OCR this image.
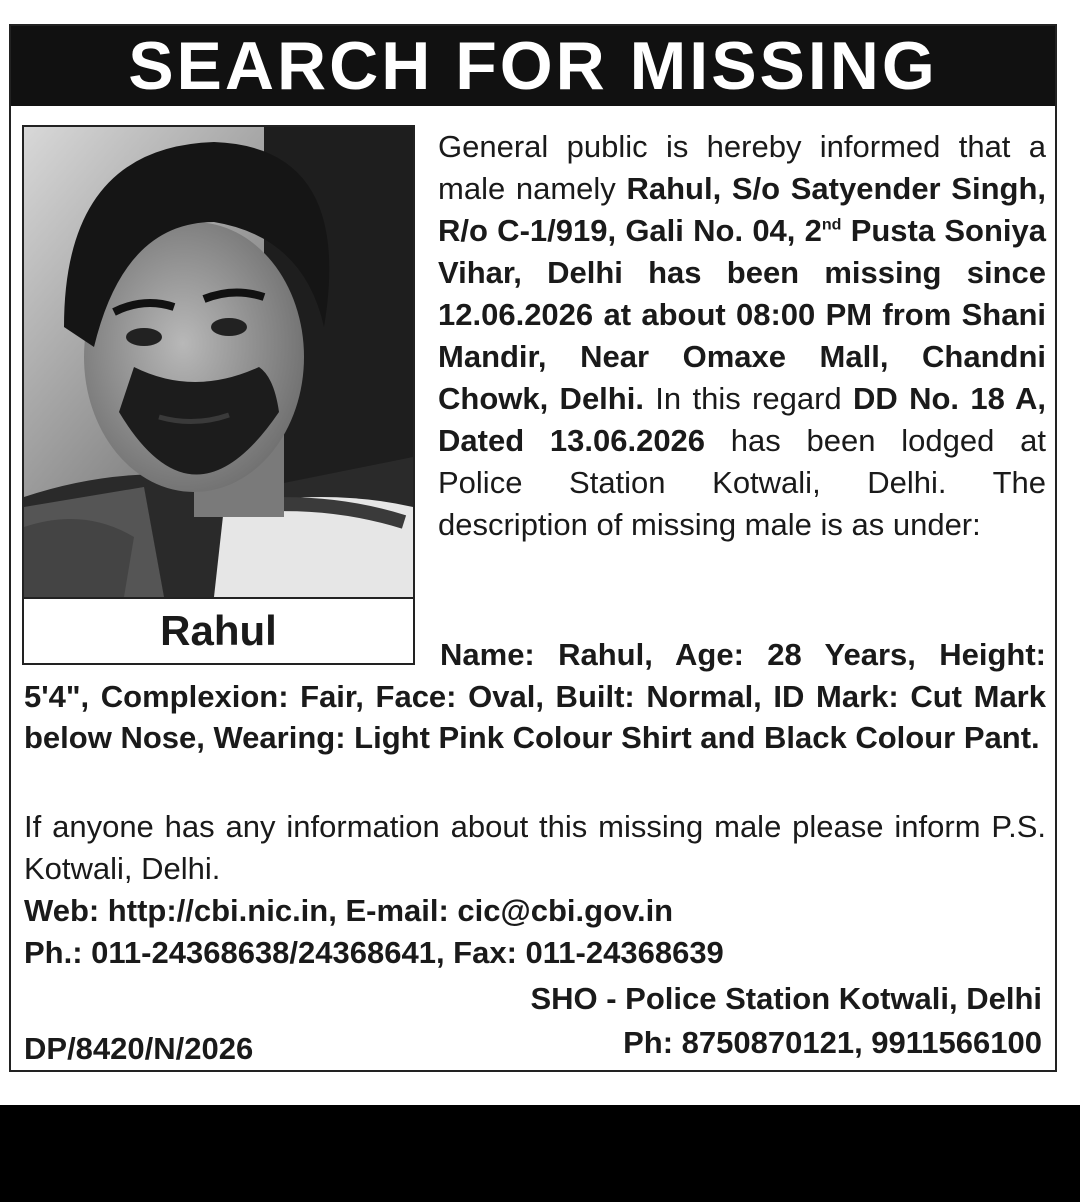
SEARCH FOR MISSING
Rahul

General public is hereby informed that a male namely Rahul, S/o Satyender Singh, R/o C-1/919, Gali No. 04, 2nd Pusta Soniya Vihar, Delhi has been missing since 12.06.2026 at about 08:00 PM from Shani Mandir, Near Omaxe Mall, Chandni Chowk, Delhi. In this regard DD No. 18 A, Dated 13.06.2026 has been lodged at Police Station Kotwali, Delhi. The description of missing male is as under:

Name: Rahul, Age: 28 Years, Height: 5'4", Complexion: Fair, Face: Oval, Built: Normal, ID Mark: Cut Mark below Nose, Wearing: Light Pink Colour Shirt and Black Colour Pant.

If anyone has any information about this missing male please inform P.S. Kotwali, Delhi.

Web: http://cbi.nic.in, E-mail: cic@cbi.gov.in
Ph.: 011-24368638/24368641, Fax: 011-24368639
SHO - Police Station Kotwali, Delhi
DP/8420/N/2026	Ph: 8750870121, 9911566100
